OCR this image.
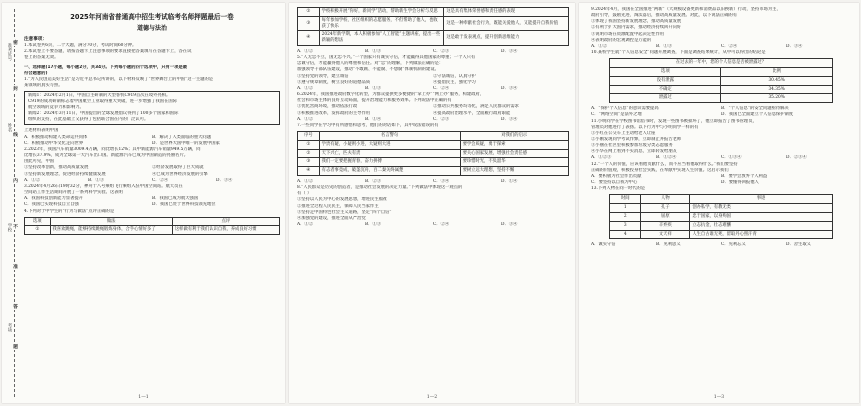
准考证号
姓名
学校
考场
密
封
线
内
不
准
答
题
2025年河南省普通高中招生考试临考名师押题最后一卷
道德与法治
注意事项：
1.本试卷共6页，二个大题，满分70分，考试时间60分钟。
2.本试卷上不要答题，请按答题卡上注意事项的要求直接把答案填写在答题卡上，答在试
卷上的答案无效。
一、选择题(17小题，每小题2分，共34分。下列每小题的四个选项中，只有一项是最
符合题意的)
1.“为人民创造美好生活”是习近平总书记所讲的，以下材料反映了“世界舞台上的中国”这一主题的是
某领域的真实写照。
新闻1：2024年2月1日，中国自主研制的大型客机C919首次在境外亮相。
C919的成功研制标志着中国航空工业取得重大突破，进一步增强了我国在国际
航空领域的竞争力和影响力。
新闻2：2024年3月11日，中国提出的全球发展倡议得到了100多个国家和国际
组织的支持，在此基础上又获得了包括联合国在内的广泛认可。
上述材料表明中国
A．积极推动构建人类命运共同体	B．解决了人类面临的重大问题
C．积极推动中华文化走向世界	D．是世界大国中唯一的发展中国家
2.2023年，我国汽车销量3009.4万辆，同比增长12%；其中新能源汽车销量949.5万辆，同
比增长37.9%，成为全球第一大汽车出口国。新能源汽车已成为中国制造的亮丽名片。
由此可见，中国
①坚持改革创新，推动高质量发展	②经济发展取得了巨大成就
③坚持新发展理念，促进经济持续健康发展	④已成为世界经济发展的引擎
A．①②	B．①③	C．②④	D．③④
3.2024年4月26日19时32分，神舟十八号乘组飞行乘组入驻中国空间站。航天员在
空间站工作生活期间开展了一系列科学实验。这表明
A．我国科技创新能力显著提升	B．我国已成为航天强国
C．我国已实现科技自立自强	D．我国已处于世界科技领先地位
4.下列对于中学生的“行为与做法”点评正确的是
选项	做法	点评
①	我喜欢跳绳，能够持续跳绳锻炼身体，合乎心情好多了	这样做有利于我们认识自我，养成良好习惯
1—1
②	学校积极开展“你好，新同学”活动，帮助新生学会分析与反思	这是具有集体荣誉感和责任感的表现
③	每年参加学校、社区组织的志愿服务，不但帮助了他人，也收获了快乐	这是一种奉献社会行为，既能关爱他人，又能提升自我价值
④	2024年新学期，本人积极参加“人工智能”主题讲座，提出一些新颖的想法	这是敢于发表观点，提升创新思维能力
A．①②	B．①③	C．②③	D．③④
5.“人无忠不立，国无忠不兴。”一个国家只有诚实守信，才能赢得其他国家的尊重；一个人只有
忠诚守信，才能赢得他人的尊重和信任。对“忠”的理解，下列做法正确的是：
加强领导干部队伍建设，推动“不敢腐、不能腐、不想腐”体制机制的建设。
①坚持党的领导，建立诚信	②守法诚信，认真守护
③遵守规章制度，树立良好的道德品质	④提倡民主，强化学习
A．①②	B．①③	C．②④	D．③④
6.2024年，我国推进政府数字化转型，为群众提供更多便捷的“掌上办”“网上办”服务，构建政府、
社会和市场主体的良好互动局面，提升治理能力和服务效率。下列说法中正确的有
①优化营商环境，推动依法行政	②推动公共服务均等化，满足人民群众的需求
③积极推进改革，发挥政府的主导作用	④提高政府治理水平，全面履行政府职能
A．①②	B．①④	C．②③	D．③④
7.一些同学在学习中有所感悟和思考，他们的对话如下，其中说法错误的有
序号	名言警句	对我们的启示
①	学贵有疑，小疑则小进，大疑则大进	要学会质疑，勇于探索
②	天下兴亡，匹夫有责	要关心国家发展，增强社会责任感
③	我们一定要把握青春，奋力拼搏	要珍惜时光，不负韶华
④	有志者事竟成，破釜沉舟，百二秦关终属楚	要树立远大理想，坚持不懈
A．①②	B．②③	C．③④	D．①④
8.“人民群众是历史的创造者，是推动社会发展的决定力量。”下列做法中体现这一观点的
有（ ）
①坚持以人民为中心的发展思想，增进民生福祉
②推进全过程人民民主，保障人民当家作主
③坚持走中国特色社会主义道路，坚定“四个自信”
④加强党的建设，推进全面从严治党
A．①②	B．①③	C．②④	D．③④
1—2
9.2024年4月，我国在全国推进“两新”（大规模设备更新和消费品以旧换新）行动，坚持市场为主、
政府引导，鼓励先进、淘汰落后，推动高质量发展。对此，以下说法正确的有
①体现了我国坚持新发展理念，推动高质量发展
②有利于扩大国内需求，推动经济持续回升向好
③说明市场在资源配置中起决定性作用
④表明政府的宏观调控是万能的
A．①②	B．①③	C．②④	D．③④
10.某校学生就“个人信息安全”问题开展调查，下面是调查结果统计，从中可以得出的结论是
在过去的一年中，您的个人信息是否被泄露过？	
选项	比例
没有泄露	30.45%
不确定	34.35%
泄露过	35.20%
A．“保护个人信息”的意识需要提高	B．“个人信息”的安全问题亟待解决
C．“网络空间”是法外之地	D．我国已全面建立个人信息保护制度
11.小明同学在学校图书馆借书时，发现一些图书被损坏了，他立即报告了图书管理员，
管理员对他进行了表扬。以下行为中与小明同学一样的有
①小红在公交车上主动给老人让座
②小刚发现同学考试作弊，立即制止并报告老师
③小丽在社区里积极参加垃圾分类志愿服务
④小华在网上看到不实消息，立即转发给朋友
A．①②③	B．①②④	C．①③④	D．②③④
12.“一个人的价值，应该看他贡献什么，而不应当看他取得什么。”我们要坚持
正确的价值观，积极投身社会实践，在奉献中实现人生价值。这启示我们
A．要积极为社会作出贡献	B．要学会放弃个人利益
C．要坚持以自我为中心	D．要懂得回报他人
13.下列人物在同一时代的是
时间	人物	事迹
1	孔子	创办私学，有教无类
2	屈原	忠于国家，以身殉国
3	辛弃疾	立志抗金，壮志难酬
4	文天祥	人生自古谁无死，留取丹心照汗青
A．诚实守信	B．见利思义	C．见利忘义	D．舍生取义
1—3
